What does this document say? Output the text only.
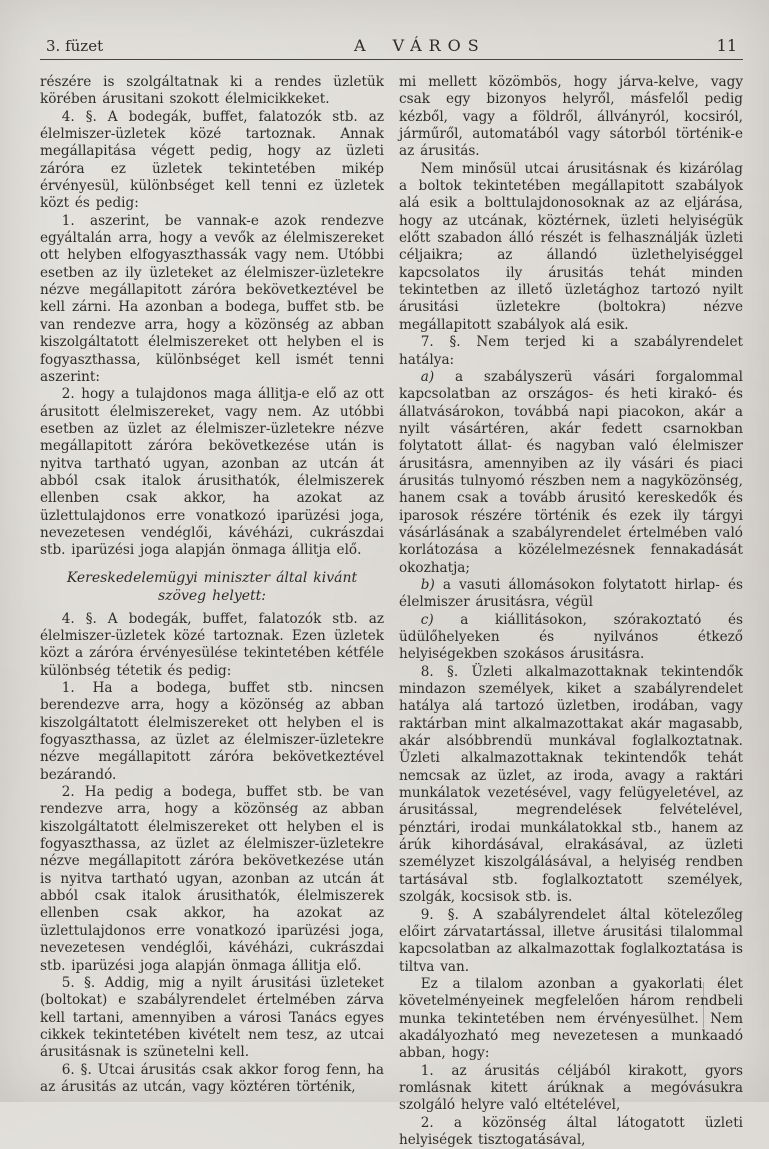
3. füzet	A VÁROS	11

részére is szolgáltatnak ki a rendes üzletük körében árusitani szokott élelmicikkeket.

4. §. A bodegák, buffet, falatozók stb. az élelmiszer-üzletek közé tartoznak. Annak megállapitása végett pedig, hogy az üzleti záróra ez üzletek tekintetében mikép érvényesül, különbséget kell tenni ez üzletek közt és pedig:

1. aszerint, be vannak-e azok rendezve egyáltalán arra, hogy a vevők az élelmiszereket ott helyben elfogyaszthassák vagy nem. Utóbbi esetben az ily üzleteket az élelmiszer-üzletekre nézve megállapitott záróra bekövetkeztével be kell zárni. Ha azonban a bodega, buffet stb. be van rendezve arra, hogy a közönség az abban kiszolgáltatott élelmiszereket ott helyben el is fogyaszthassa, különbséget kell ismét tenni aszerint:

2. hogy a tulajdonos maga állitja-e elő az ott árusitott élelmiszereket, vagy nem. Az utóbbi esetben az üzlet az élelmiszer-üzletekre nézve megállapitott záróra bekövetkezése után is nyitva tartható ugyan, azonban az utcán át abból csak italok árusithatók, élelmiszerek ellenben csak akkor, ha azokat az üzlettulajdonos erre vonatkozó iparüzési joga, nevezetesen vendéglői, kávéházi, cukrászdai stb. iparüzési joga alapján önmaga állitja elő.

Kereskedelemügyi miniszter által kivánt szöveg helyett:

4. §. A bodegák, buffet, falatozók stb. az élelmiszer-üzletek közé tartoznak. Ezen üzletek közt a záróra érvényesülése tekintetében kétféle különbség tétetik és pedig:

1. Ha a bodega, buffet stb. nincsen berendezve arra, hogy a közönség az abban kiszolgáltatott élelmiszereket ott helyben el is fogyaszthassa, az üzlet az élelmiszer-üzletekre nézve megállapitott záróra bekövetkeztével bezárandó.

2. Ha pedig a bodega, buffet stb. be van rendezve arra, hogy a közönség az abban kiszolgáltatott élelmiszereket ott helyben el is fogyaszthassa, az üzlet az élelmiszer-üzletekre nézve megállapitott záróra bekövetkezése után is nyitva tartható ugyan, azonban az utcán át abból csak italok árusithatók, élelmiszerek ellenben csak akkor, ha azokat az üzlettulajdonos erre vonatkozó iparüzési joga, nevezetesen vendéglői, kávéházi, cukrászdai stb. iparüzési joga alapján önmaga állitja elő.

5. §. Addig, mig a nyilt árusitási üzleteket (boltokat) e szabályrendelet értelmében zárva kell tartani, amennyiben a városi Tanács egyes cikkek tekintetében kivételt nem tesz, az utcai árusitásnak is szünetelni kell.

6. §. Utcai árusitás csak akkor forog fenn, ha az árusitás az utcán, vagy köztéren történik,

mi mellett közömbös, hogy járva-kelve, vagy csak egy bizonyos helyről, másfelől pedig kézből, vagy a földről, állványról, kocsiról, járműről, automatából vagy sátorból történik-e az árusitás.

Nem minősül utcai árusitásnak és kizárólag a boltok tekintetében megállapitott szabályok alá esik a bolttulajdonosoknak az az eljárása, hogy az utcának, köztérnek, üzleti helyiségük előtt szabadon álló részét is felhasználják üzleti céljaikra; az állandó üzlethelyiséggel kapcsolatos ily árusitás tehát minden tekintetben az illető üzletághoz tartozó nyilt árusitási üzletekre (boltokra) nézve megállapitott szabályok alá esik.

7. §. Nem terjed ki a szabályrendelet hatálya:

a) a szabályszerü vásári forgalommal kapcsolatban az országos- és heti kirakó- és állatvásárokon, továbbá napi piacokon, akár a nyilt vásártéren, akár fedett csarnokban folytatott állat- és nagyban való élelmiszer árusitásra, amennyiben az ily vásári és piaci árusitás tulnyomó részben nem a nagyközönség, hanem csak a tovább árusitó kereskedők és iparosok részére történik és ezek ily tárgyi vásárlásának a szabályrendelet értelmében való korlátozása a közélelmezésnek fennakadását okozhatja;

b) a vasuti állomásokon folytatott hirlap- és élelmiszer árusitásra, végül

c) a kiállitásokon, szórakoztató és üdülőhelyeken és nyilvános étkező helyiségekben szokásos árusitásra.

8. §. Üzleti alkalmazottaknak tekintendők mindazon személyek, kiket a szabályrendelet hatálya alá tartozó üzletben, irodában, vagy raktárban mint alkalmazottakat akár magasabb, akár alsóbbrendü munkával foglalkoztatnak. Üzleti alkalmazottaknak tekintendők tehát nemcsak az üzlet, az iroda, avagy a raktári munkálatok vezetésével, vagy felügyeletével, az árusitással, megrendelések felvételével, pénztári, irodai munkálatokkal stb., hanem az árúk kihordásával, elrakásával, az üzleti személyzet kiszolgálásával, a helyiség rendben tartásával stb. foglalkoztatott személyek, szolgák, kocsisok stb. is.

9. §. A szabályrendelet által kötelezőleg előirt zárvatartással, illetve árusitási tilalommal kapcsolatban az alkalmazottak foglalkoztatása is tiltva van.

Ez a tilalom azonban a gyakorlati élet követelményeinek megfelelően három rendbeli munka tekintetében nem érvényesülhet. Nem akadályozható meg nevezetesen a munkaadó abban, hogy:

1. az árusitás céljából kirakott, gyors romlásnak kitett árúknak a megóvásukra szolgáló helyre való eltételével,

2. a közönség által látogatott üzleti helyiségek tisztogatásával,
